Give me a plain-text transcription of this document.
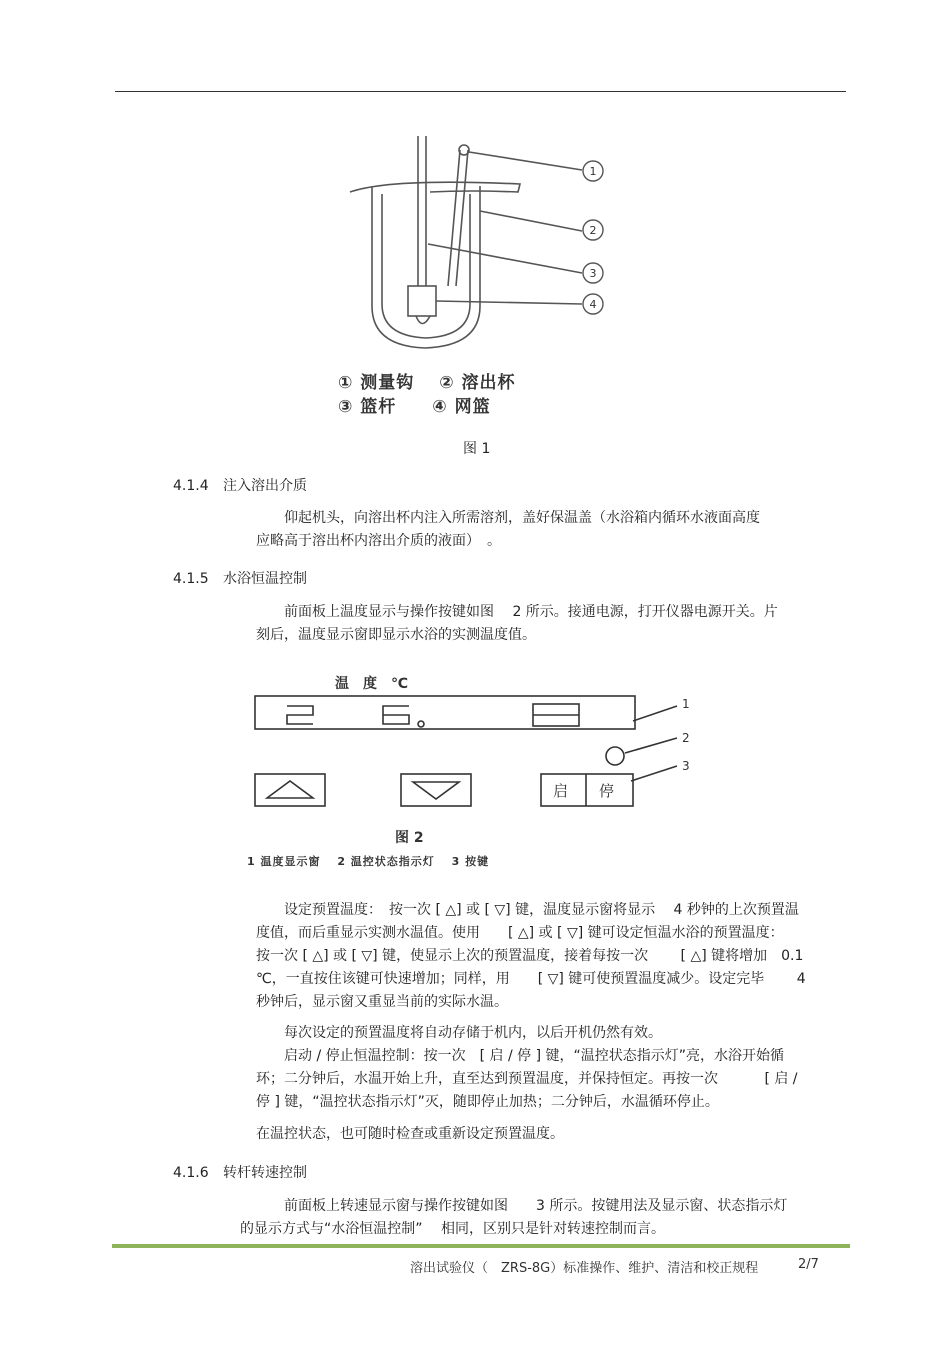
1
2
3
4
① 测量钩　 ② 溶出杯
③ 篮杆　　④ 网篮
图 1
4.1.4 注入溶出介质
仰起机头，向溶出杯内注入所需溶剂，盖好保温盖（水浴箱内循环水液面高度
应略高于溶出杯内溶出介质的液面）　。
4.1.5 水浴恒温控制
前面板上温度显示与操作按键如图　 2 所示。接通电源，打开仪器电源开关。片
刻后，温度显示窗即显示水浴的实测温度值。
温　度　℃
启 停
1
2
3
图 2
1 温度显示窗　 2 温控状态指示灯　 3 按键
设定预置温度：　按一次 [ △] 或 [ ▽] 键，温度显示窗将显示　 4 秒钟的上次预置温
度值，而后重显示实测水温值。使用　　[ △] 或 [ ▽] 键可设定恒温水浴的预置温度：
按一次 [ △] 或 [ ▽] 键，使显示上次的预置温度，接着每按一次　　 [ △] 键将增加　0.1
℃，一直按住该键可快速增加；同样，用　　[ ▽] 键可使预置温度减少。设定完毕　　 4
秒钟后，显示窗又重显当前的实际水温。
每次设定的预置温度将自动存储于机内，以后开机仍然有效。
启动 / 停止恒温控制：按一次　[ 启 / 停 ] 键，“温控状态指示灯”亮，水浴开始循
环；二分钟后，水温开始上升，直至达到预置温度，并保持恒定。再按一次　　　 [ 启 /
停 ] 键，“温控状态指示灯”灭，随即停止加热；二分钟后，水温循环停止。
在温控状态，也可随时检查或重新设定预置温度。
4.1.6 转杆转速控制
前面板上转速显示窗与操作按键如图　　3 所示。按键用法及显示窗、状态指示灯
的显示方式与“水浴恒温控制”　 相同，区别只是针对转速控制而言。
溶出试验仪（　ZRS-8G）标准操作、维护、清洁和校正规程	2/7
